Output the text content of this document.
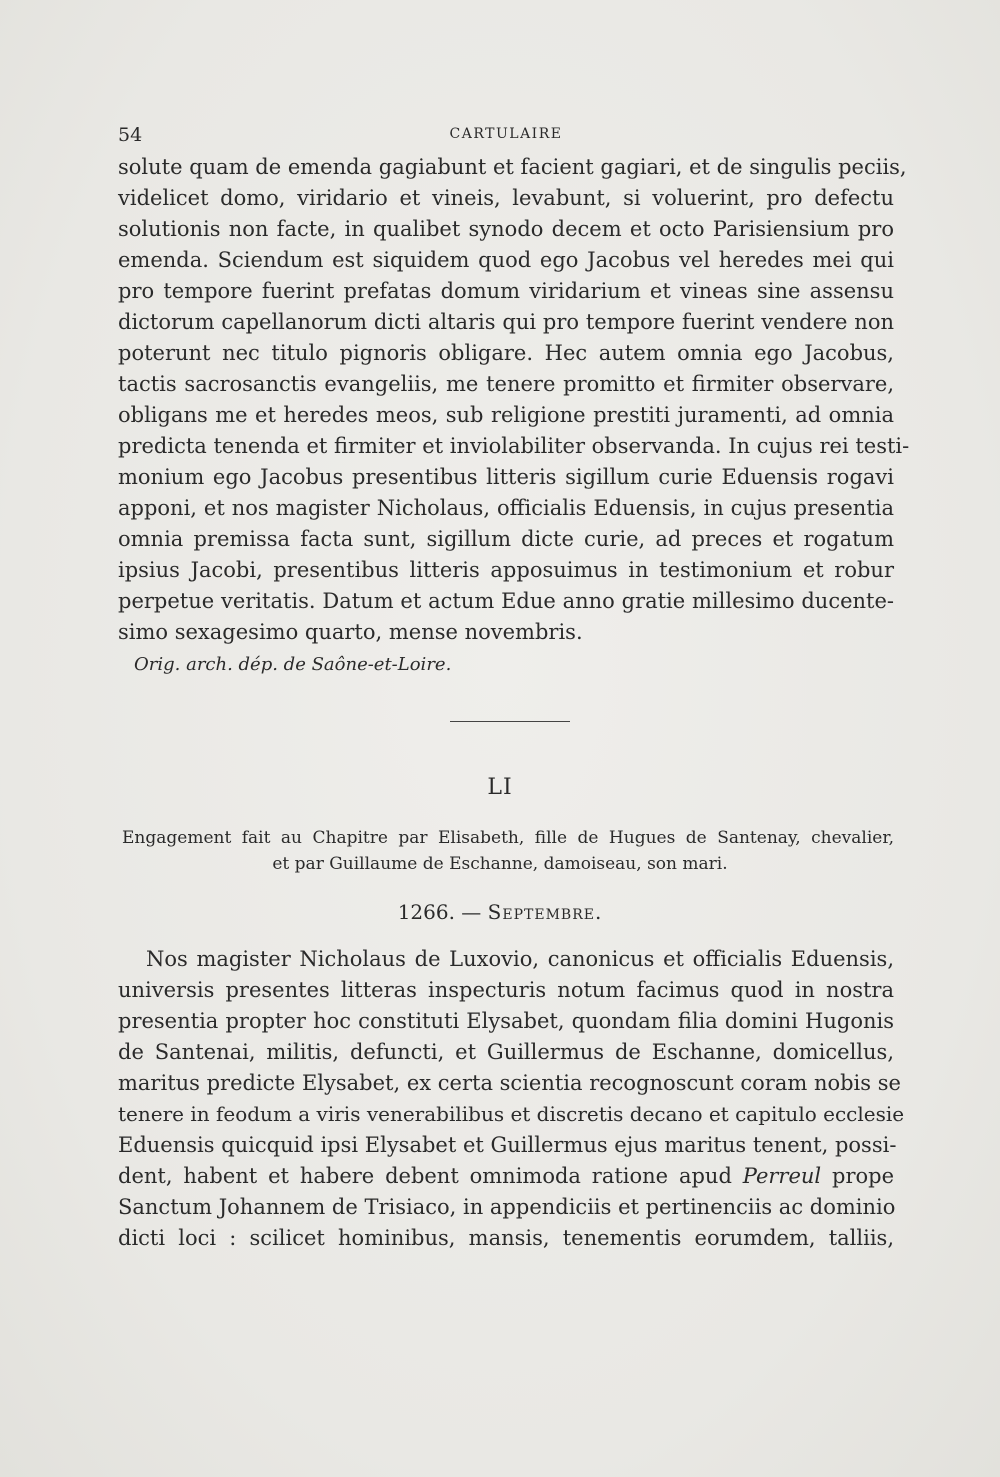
54	CARTULAIRE
solute quam de emenda gagiabunt et facient gagiari, et de singulis peciis,
videlicet domo, viridario et vineis, levabunt, si voluerint, pro defectu
solutionis non facte, in qualibet synodo decem et octo Parisiensium pro
emenda. Sciendum est siquidem quod ego Jacobus vel heredes mei qui
pro tempore fuerint prefatas domum viridarium et vineas sine assensu
dictorum capellanorum dicti altaris qui pro tempore fuerint vendere non
poterunt nec titulo pignoris obligare. Hec autem omnia ego Jacobus,
tactis sacrosanctis evangeliis, me tenere promitto et firmiter observare,
obligans me et heredes meos, sub religione prestiti juramenti, ad omnia
predicta tenenda et firmiter et inviolabiliter observanda. In cujus rei testi-
monium ego Jacobus presentibus litteris sigillum curie Eduensis rogavi
apponi, et nos magister Nicholaus, officialis Eduensis, in cujus presentia
omnia premissa facta sunt, sigillum dicte curie, ad preces et rogatum
ipsius Jacobi, presentibus litteris apposuimus in testimonium et robur
perpetue veritatis. Datum et actum Edue anno gratie millesimo ducente-
simo sexagesimo quarto, mense novembris.
Orig. arch. dép. de Saône-et-Loire.
LI
Engagement fait au Chapitre par Elisabeth, fille de Hugues de Santenay, chevalier,
et par Guillaume de Eschanne, damoiseau, son mari.
1266. — Septembre.
Nos magister Nicholaus de Luxovio, canonicus et officialis Eduensis,
universis presentes litteras inspecturis notum facimus quod in nostra
presentia propter hoc constituti Elysabet, quondam filia domini Hugonis
de Santenai, militis, defuncti, et Guillermus de Eschanne, domicellus,
maritus predicte Elysabet, ex certa scientia recognoscunt coram nobis se
tenere in feodum a viris venerabilibus et discretis decano et capitulo ecclesie
Eduensis quicquid ipsi Elysabet et Guillermus ejus maritus tenent, possi-
dent, habent et habere debent omnimoda ratione apud Perreul prope
Sanctum Johannem de Trisiaco, in appendiciis et pertinenciis ac dominio
dicti loci : scilicet hominibus, mansis, tenementis eorumdem, talliis,
